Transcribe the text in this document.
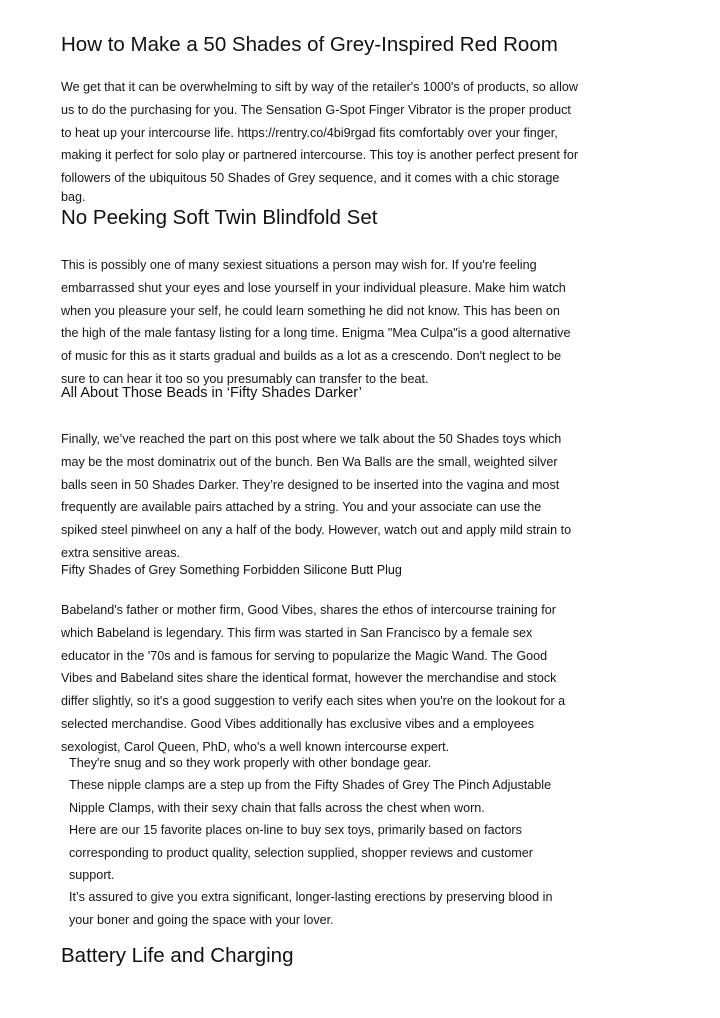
How to Make a 50 Shades of Grey-Inspired Red Room
We get that it can be overwhelming to sift by way of the retailer's 1000's of products, so allow
us to do the purchasing for you. The Sensation G-Spot Finger Vibrator is the proper product
to heat up your intercourse life. https://rentry.co/4bi9rgad fits comfortably over your finger,
making it perfect for solo play or partnered intercourse. This toy is another perfect present for
followers of the ubiquitous 50 Shades of Grey sequence, and it comes with a chic storage
bag.
No Peeking Soft Twin Blindfold Set
This is possibly one of many sexiest situations a person may wish for. If you're feeling
embarrassed shut your eyes and lose yourself in your individual pleasure. Make him watch
when you pleasure your self, he could learn something he did not know. This has been on
the high of the male fantasy listing for a long time. Enigma "Mea Culpa"is a good alternative
of music for this as it starts gradual and builds as a lot as a crescendo. Don't neglect to be
sure to can hear it too so you presumably can transfer to the beat.
All About Those Beads in ‘Fifty Shades Darker’
Finally, we’ve reached the part on this post where we talk about the 50 Shades toys which
may be the most dominatrix out of the bunch. Ben Wa Balls are the small, weighted silver
balls seen in 50 Shades Darker. They’re designed to be inserted into the vagina and most
frequently are available pairs attached by a string. You and your associate can use the
spiked steel pinwheel on any a half of the body. However, watch out and apply mild strain to
extra sensitive areas.
Fifty Shades of Grey Something Forbidden Silicone Butt Plug
Babeland's father or mother firm, Good Vibes, shares the ethos of intercourse training for
which Babeland is legendary. This firm was started in San Francisco by a female sex
educator in the '70s and is famous for serving to popularize the Magic Wand. The Good
Vibes and Babeland sites share the identical format, however the merchandise and stock
differ slightly, so it's a good suggestion to verify each sites when you're on the lookout for a
selected merchandise. Good Vibes additionally has exclusive vibes and a employees
sexologist, Carol Queen, PhD, who's a well known intercourse expert.
They're snug and so they work properly with other bondage gear.
These nipple clamps are a step up from the Fifty Shades of Grey The Pinch Adjustable
Nipple Clamps, with their sexy chain that falls across the chest when worn.
Here are our 15 favorite places on-line to buy sex toys, primarily based on factors
corresponding to product quality, selection supplied, shopper reviews and customer
support.
It’s assured to give you extra significant, longer-lasting erections by preserving blood in
your boner and going the space with your lover.
Battery Life and Charging
